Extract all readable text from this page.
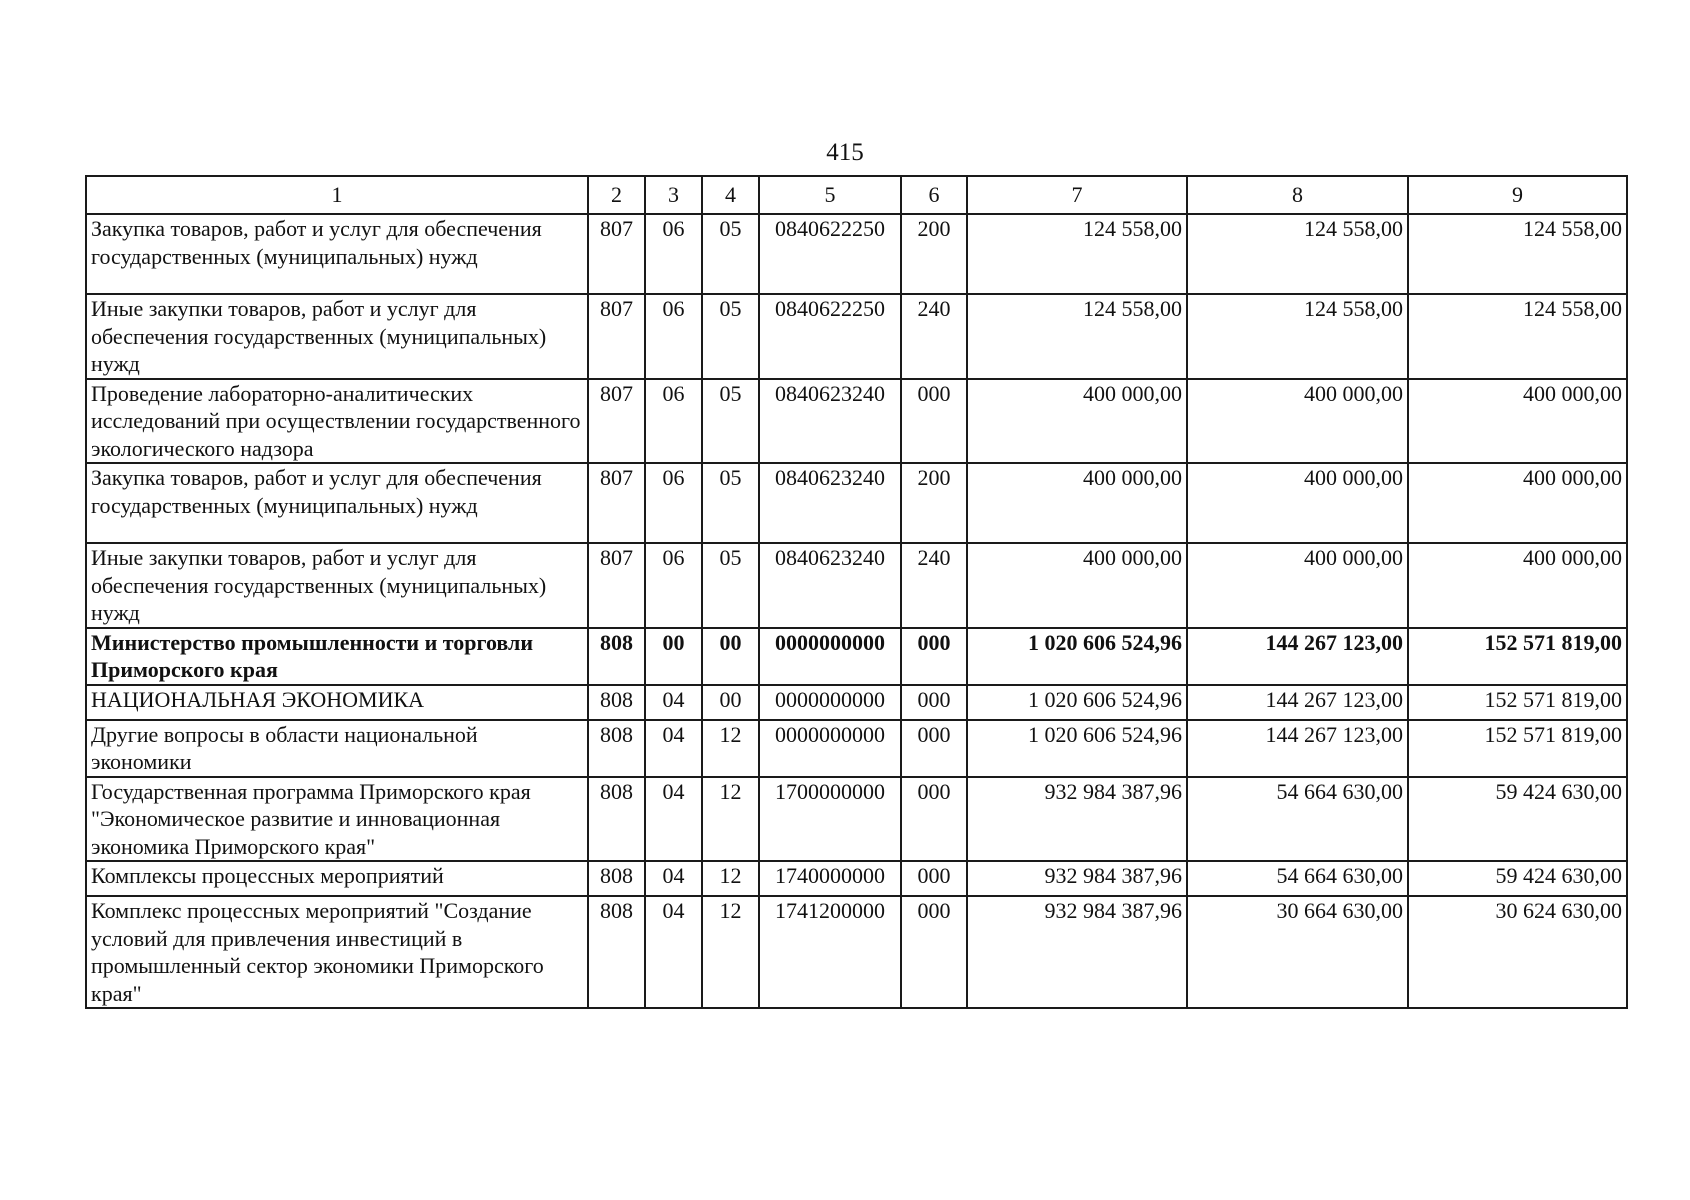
415
1	2	3	4	5	6	7	8	9
Закупка товаров, работ и услуг для обеспечения государственных (муниципальных) нужд	807	06	05	0840622250	200	124 558,00	124 558,00	124 558,00
Иные закупки товаров, работ и услуг для обеспечения государственных (муниципальных) нужд	807	06	05	0840622250	240	124 558,00	124 558,00	124 558,00
Проведение лабораторно-аналитических исследований при осуществлении государственного экологического надзора	807	06	05	0840623240	000	400 000,00	400 000,00	400 000,00
Закупка товаров, работ и услуг для обеспечения государственных (муниципальных) нужд	807	06	05	0840623240	200	400 000,00	400 000,00	400 000,00
Иные закупки товаров, работ и услуг для обеспечения государственных (муниципальных) нужд	807	06	05	0840623240	240	400 000,00	400 000,00	400 000,00
Министерство промышленности и торговли Приморского края	808	00	00	0000000000	000	1 020 606 524,96	144 267 123,00	152 571 819,00
НАЦИОНАЛЬНАЯ ЭКОНОМИКА	808	04	00	0000000000	000	1 020 606 524,96	144 267 123,00	152 571 819,00
Другие вопросы в области национальной экономики	808	04	12	0000000000	000	1 020 606 524,96	144 267 123,00	152 571 819,00
Государственная программа Приморского края "Экономическое развитие и инновационная экономика Приморского края"	808	04	12	1700000000	000	932 984 387,96	54 664 630,00	59 424 630,00
Комплексы процессных мероприятий	808	04	12	1740000000	000	932 984 387,96	54 664 630,00	59 424 630,00
Комплекс процессных мероприятий "Создание условий для привлечения инвестиций в промышленный сектор экономики Приморского края"	808	04	12	1741200000	000	932 984 387,96	30 664 630,00	30 624 630,00
